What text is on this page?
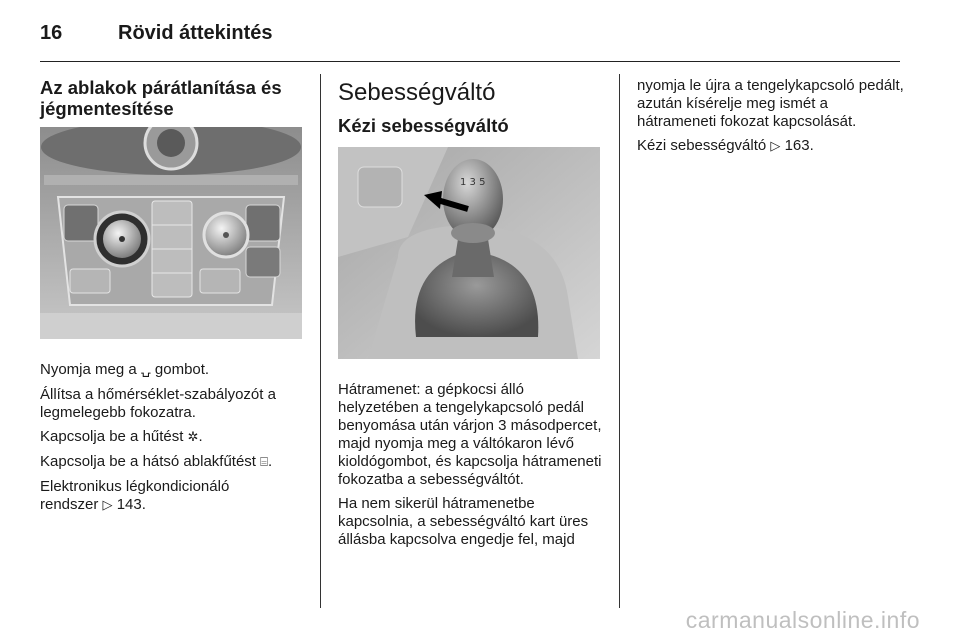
16	Rövid áttekintés
Az ablakok párátlanítása és jégmentesítése

Nyomja meg a ⍽ gombot.

Állítsa a hőmérséklet-szabályozót a legmelegebb fokozatra.

Kapcsolja be a hűtést ✲.

Kapcsolja be a hátsó ablakfűtést ⌸.

Elektronikus légkondicionáló
rendszer ▷ 143.

Sebességváltó
Kézi sebességváltó
1 3 5

Hátramenet: a gépkocsi álló helyzetében a tengelykapcsoló pedál benyomása után várjon 3 másodpercet, majd nyomja meg a váltókaron lévő kioldógombot, és kapcsolja hátrameneti fokozatba a sebességváltót.

Ha nem sikerül hátramenetbe kapcsolnia, a sebességváltó kart üres állásba kapcsolva engedje fel, majd

nyomja le újra a tengelykapcsoló pedált, azután kísérelje meg ismét a hátrameneti fokozat kapcsolását.

Kézi sebességváltó ▷ 163.

carmanualsonline.info
